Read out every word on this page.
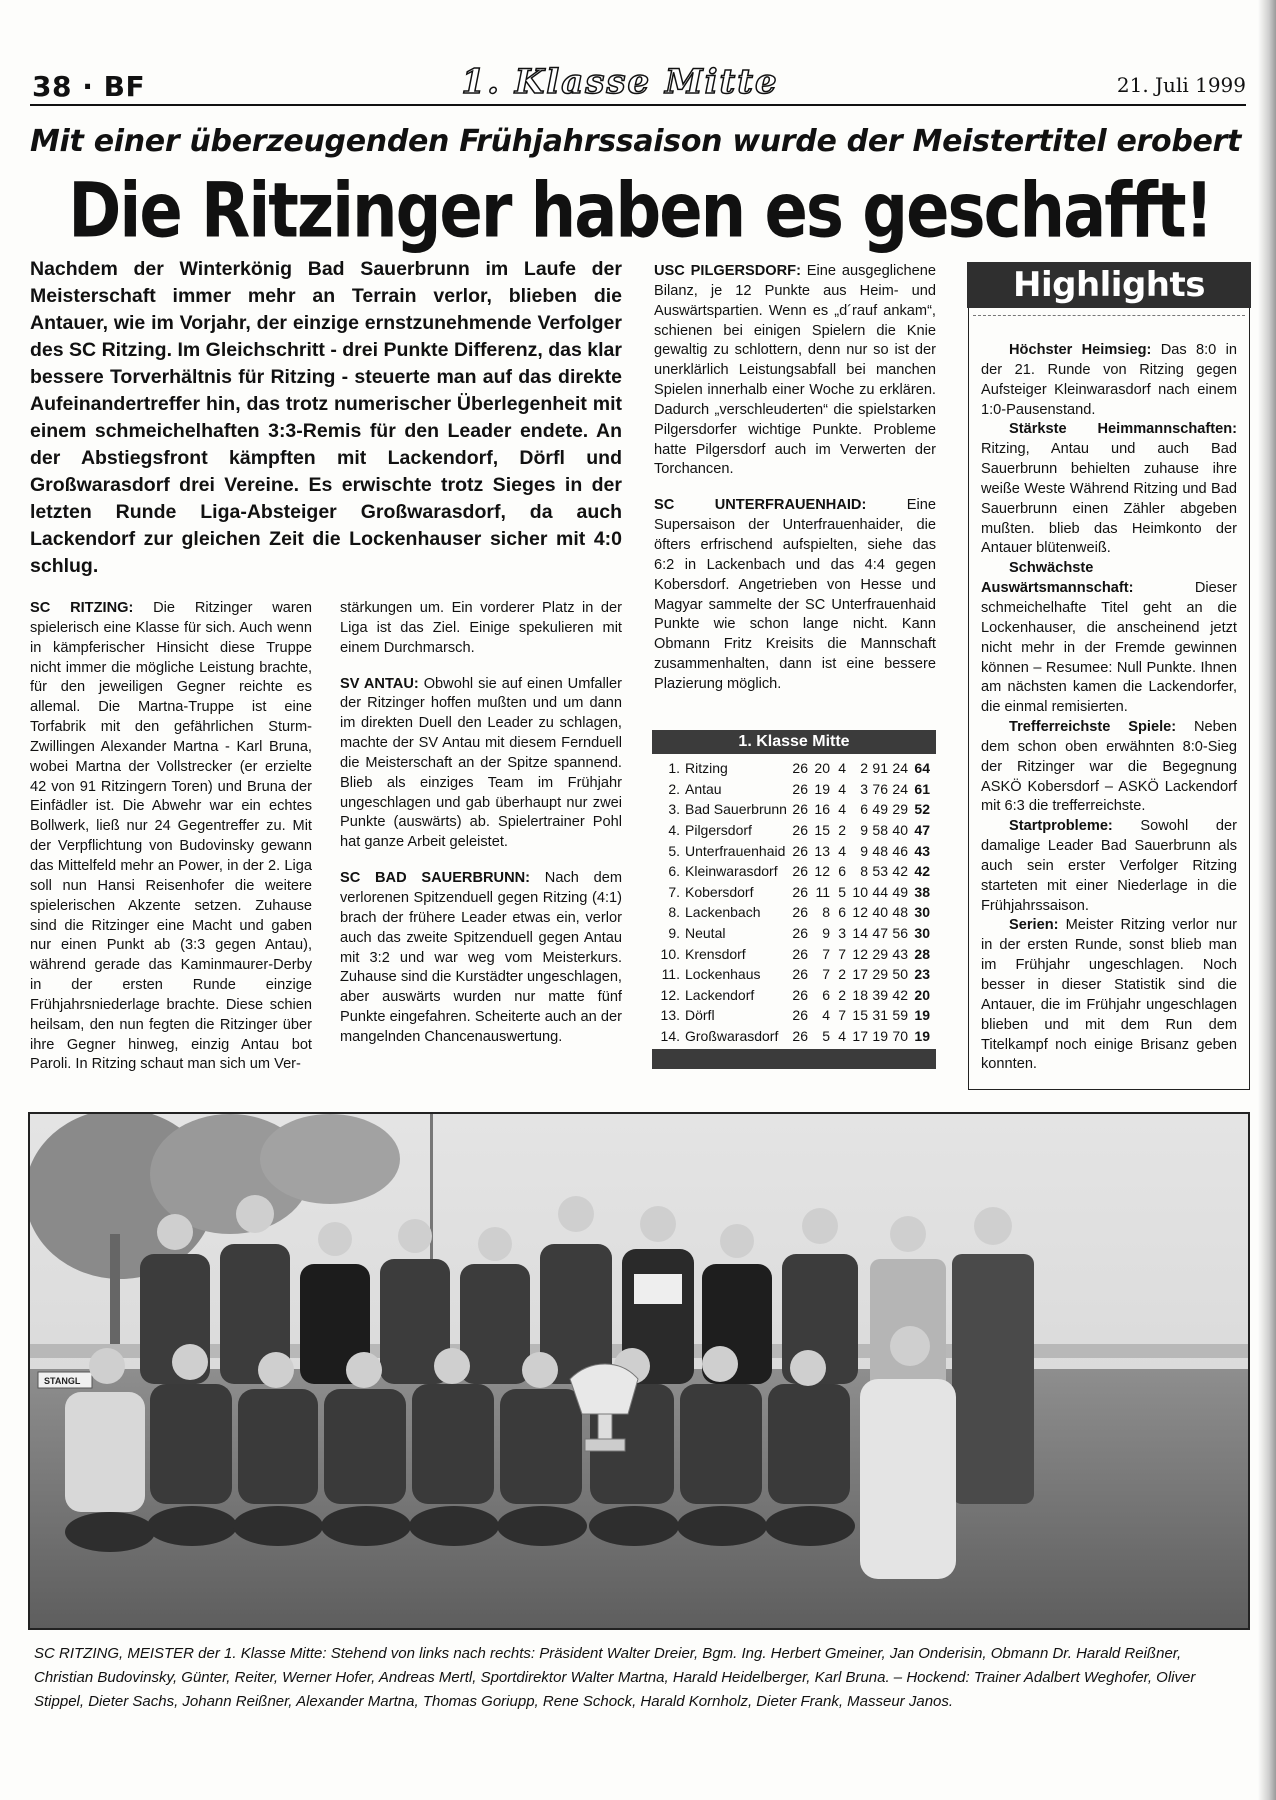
38 · BF	1. Klasse Mitte	21. Juli 1999
Mit einer überzeugenden Frühjahrssaison wurde der Meistertitel erobert
Die Ritzinger haben es geschafft!
Nachdem der Winterkönig Bad Sauerbrunn im Laufe der Meisterschaft immer mehr an Terrain verlor, blieben die Antauer, wie im Vorjahr, der einzige ernstzunehmende Verfolger des SC Ritzing. Im Gleichschritt - drei Punkte Differenz, das klar bessere Torverhältnis für Ritzing - steuerte man auf das direkte Aufeinandertreffer hin, das trotz numerischer Überlegenheit mit einem schmeichelhaften 3:3-Remis für den Leader endete. An der Abstiegsfront kämpften mit Lackendorf, Dörfl und Großwarasdorf drei Vereine. Es erwischte trotz Sieges in der letzten Runde Liga-Absteiger Großwarasdorf, da auch Lackendorf zur gleichen Zeit die Lockenhauser sicher mit 4:0 schlug.

SC RITZING: Die Ritzinger waren spielerisch eine Klasse für sich. Auch wenn in kämpferischer Hinsicht diese Truppe nicht immer die mögliche Leistung brachte, für den jeweiligen Gegner reichte es allemal. Die Martna-Truppe ist eine Torfabrik mit den gefährlichen Sturm-Zwillingen Alexander Martna - Karl Bruna, wobei Martna der Vollstrecker (er erzielte 42 von 91 Ritzingern Toren) und Bruna der Einfädler ist. Die Abwehr war ein echtes Bollwerk, ließ nur 24 Gegentreffer zu. Mit der Verpflichtung von Budovinsky gewann das Mittelfeld mehr an Power, in der 2. Liga soll nun Hansi Reisenhofer die weitere spielerischen Akzente setzen. Zuhause sind die Ritzinger eine Macht und gaben nur einen Punkt ab (3:3 gegen Antau), während gerade das Kaminmaurer-Derby in der ersten Runde einzige Frühjahrsniederlage brachte. Diese schien heilsam, den nun fegten die Ritzinger über ihre Gegner hinweg, einzig Antau bot Paroli. In Ritzing schaut man sich um Ver-

stärkungen um. Ein vorderer Platz in der Liga ist das Ziel. Einige spekulieren mit einem Durchmarsch.

SV ANTAU: Obwohl sie auf einen Umfaller der Ritzinger hoffen mußten und um dann im direkten Duell den Leader zu schlagen, machte der SV Antau mit diesem Fernduell die Meisterschaft an der Spitze spannend. Blieb als einziges Team im Frühjahr ungeschlagen und gab überhaupt nur zwei Punkte (auswärts) ab. Spielertrainer Pohl hat ganze Arbeit geleistet.

SC BAD SAUERBRUNN: Nach dem verlorenen Spitzenduell gegen Ritzing (4:1) brach der frühere Leader etwas ein, verlor auch das zweite Spitzenduell gegen Antau mit 3:2 und war weg vom Meisterkurs. Zuhause sind die Kurstädter ungeschlagen, aber auswärts wurden nur matte fünf Punkte eingefahren. Scheiterte auch an der mangelnden Chancenauswertung.

USC PILGERSDORF: Eine ausgeglichene Bilanz, je 12 Punkte aus Heim- und Auswärtspartien. Wenn es „d´rauf ankam“, schienen bei einigen Spielern die Knie gewaltig zu schlottern, denn nur so ist der unerklärlich Leistungsabfall bei manchen Spielen innerhalb einer Woche zu erklären. Dadurch „verschleuderten“ die spielstarken Pilgersdorfer wichtige Punkte. Probleme hatte Pilgersdorf auch im Verwerten der Torchancen.

SC UNTERFRAUENHAID: Eine Supersaison der Unterfrauenhaider, die öfters erfrischend aufspielten, siehe das 6:2 in Lackenbach und das 4:4 gegen Kobersdorf. Angetrieben von Hesse und Magyar sammelte der SC Unterfrauenhaid Punkte wie schon lange nicht. Kann Obmann Fritz Kreisits die Mannschaft zusammenhalten, dann ist eine bessere Plazierung möglich.

1. Klasse Mitte
1. Ritzing	26 20 4	2 91 24 64
2. Antau	26 19 4	3 76 24 61
3. Bad Sauerbrunn 26 16 4	6 49 29 52
4. Pilgersdorf	26 15 2	9 58 40 47
5. Unterfrauenhaid 26 13 4	9 48 46 43
6. Kleinwarasdorf	26 12 6	8 53 42 42
7. Kobersdorf	26 11 5 10 44 49 38
8. Lackenbach	26	8 6 12 40 48 30
9. Neutal	26	9 3 14 47 56 30
10. Krensdorf	26	7 7 12 29 43 28
11. Lockenhaus	26	7 2 17 29 50 23
12. Lackendorf	26	6 2 18 39 42 20
13. Dörfl	26	4 7 15 31 59 19
14. Großwarasdorf	26	5 4 17 19 70 19
Highlights

Höchster Heimsieg: Das 8:0 in der 21. Runde von Ritzing gegen Aufsteiger Kleinwarasdorf nach einem 1:0-Pausenstand.

Stärkste Heimmannschaften: Ritzing, Antau und auch Bad Sauerbrunn behielten zuhause ihre weiße Weste Während Ritzing und Bad Sauerbrunn einen Zähler abgeben mußten. blieb das Heimkonto der Antauer blütenweiß.

Schwächste Auswärtsmannschaft: Dieser schmeichelhafte Titel geht an die Lockenhauser, die anscheinend jetzt nicht mehr in der Fremde gewinnen können – Resumee: Null Punkte. Ihnen am nächsten kamen die Lackendorfer, die einmal remisierten.

Trefferreichste Spiele: Neben dem schon oben erwähnten 8:0-Sieg der Ritzinger war die Begegnung ASKÖ Kobersdorf – ASKÖ Lackendorf mit 6:3 die trefferreichste.

Startprobleme: Sowohl der damalige Leader Bad Sauerbrunn als auch sein erster Verfolger Ritzing starteten mit einer Niederlage in die Frühjahrssaison.

Serien: Meister Ritzing verlor nur in der ersten Runde, sonst blieb man im Frühjahr ungeschlagen. Noch besser in dieser Statistik sind die Antauer, die im Frühjahr ungeschlagen blieben und mit dem Run dem Titelkampf noch einige Brisanz geben konnten.

STANGL
SC RITZING, MEISTER der 1. Klasse Mitte: Stehend von links nach rechts: Präsident Walter Dreier, Bgm. Ing. Herbert Gmeiner, Jan Onderisin, Obmann Dr. Harald Reißner, Christian Budovinsky, Günter, Reiter, Werner Hofer, Andreas Mertl, Sportdirektor Walter Martna, Harald Heidelberger, Karl Bruna. – Hockend: Trainer Adalbert Weghofer, Oliver Stippel, Dieter Sachs, Johann Reißner, Alexander Martna, Thomas Goriupp, Rene Schock, Harald Kornholz, Dieter Frank, Masseur Janos.
